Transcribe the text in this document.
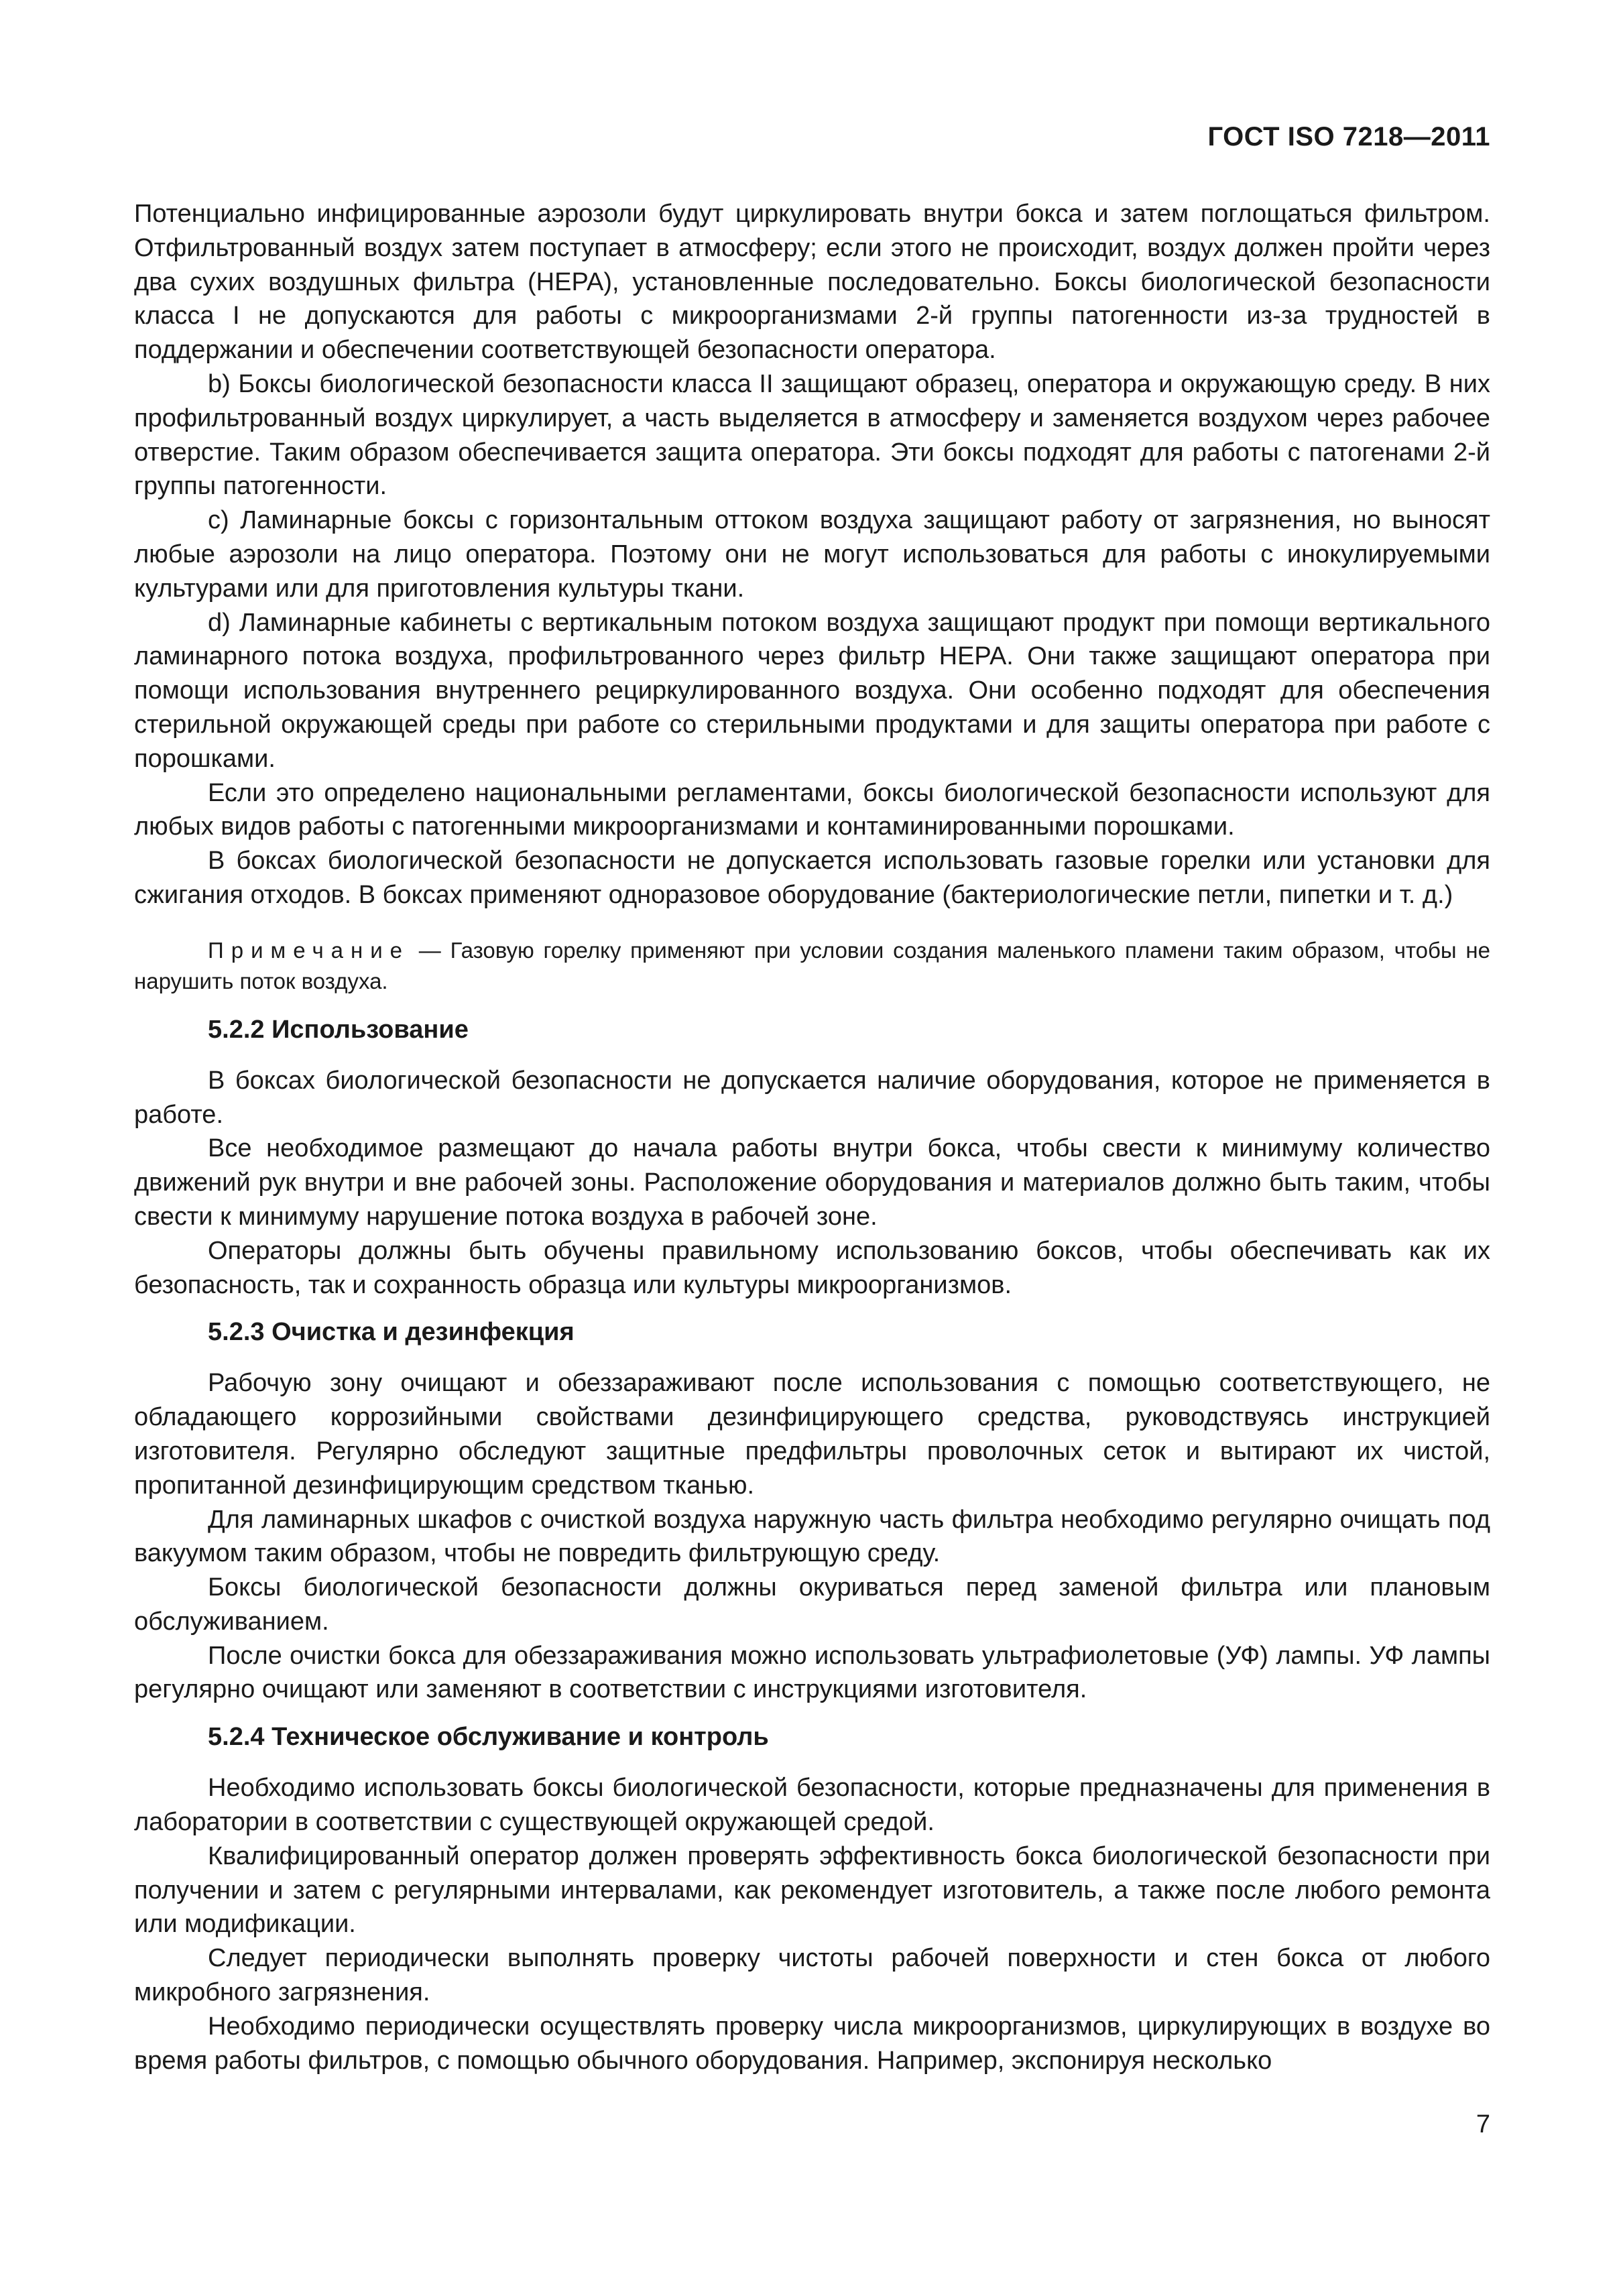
ГОСТ ISO 7218—2011

Потенциально инфицированные аэрозоли будут циркулировать внутри бокса и затем поглощаться фильтром. Отфильтрованный воздух затем поступает в атмосферу; если этого не происходит, воздух должен пройти через два сухих воздушных фильтра (HEPA), установленные последовательно. Боксы биологической безопасности класса I не допускаются для работы с микроорганизмами 2-й группы патогенности из-за трудностей в поддержании и обеспечении соответствующей безопасности оператора.

b) Боксы биологической безопасности класса II защищают образец, оператора и окружающую среду. В них профильтрованный воздух циркулирует, а часть выделяется в атмосферу и заменяется воздухом через рабочее отверстие. Таким образом обеспечивается защита оператора. Эти боксы подходят для работы с патогенами 2-й группы патогенности.

c) Ламинарные боксы с горизонтальным оттоком воздуха защищают работу от загрязнения, но выносят любые аэрозоли на лицо оператора. Поэтому они не могут использоваться для работы с инокулируемыми культурами или для приготовления культуры ткани.

d) Ламинарные кабинеты с вертикальным потоком воздуха защищают продукт при помощи вертикального ламинарного потока воздуха, профильтрованного через фильтр HEPA. Они также защищают оператора при помощи использования внутреннего рециркулированного воздуха. Они особенно подходят для обеспечения стерильной окружающей среды при работе со стерильными продуктами и для защиты оператора при работе с порошками.

Если это определено национальными регламентами, боксы биологической безопасности используют для любых видов работы с патогенными микроорганизмами и контаминированными порошками.

В боксах биологической безопасности не допускается использовать газовые горелки или установки для сжигания отходов. В боксах применяют одноразовое оборудование (бактериологические петли, пипетки и т. д.)

Примечание — Газовую горелку применяют при условии создания маленького пламени таким образом, чтобы не нарушить поток воздуха.

5.2.2 Использование

В боксах биологической безопасности не допускается наличие оборудования, которое не применяется в работе.

Все необходимое размещают до начала работы внутри бокса, чтобы свести к минимуму количество движений рук внутри и вне рабочей зоны. Расположение оборудования и материалов должно быть таким, чтобы свести к минимуму нарушение потока воздуха в рабочей зоне.

Операторы должны быть обучены правильному использованию боксов, чтобы обеспечивать как их безопасность, так и сохранность образца или культуры микроорганизмов.

5.2.3 Очистка и дезинфекция

Рабочую зону очищают и обеззараживают после использования с помощью соответствующего, не обладающего коррозийными свойствами дезинфицирующего средства, руководствуясь инструкцией изготовителя. Регулярно обследуют защитные предфильтры проволочных сеток и вытирают их чистой, пропитанной дезинфицирующим средством тканью.

Для ламинарных шкафов с очисткой воздуха наружную часть фильтра необходимо регулярно очищать под вакуумом таким образом, чтобы не повредить фильтрующую среду.

Боксы биологической безопасности должны окуриваться перед заменой фильтра или плановым обслуживанием.

После очистки бокса для обеззараживания можно использовать ультрафиолетовые (УФ) лампы. УФ лампы регулярно очищают или заменяют в соответствии с инструкциями изготовителя.

5.2.4 Техническое обслуживание и контроль

Необходимо использовать боксы биологической безопасности, которые предназначены для применения в лаборатории в соответствии с существующей окружающей средой.

Квалифицированный оператор должен проверять эффективность бокса биологической безопасности при получении и затем с регулярными интервалами, как рекомендует изготовитель, а также после любого ремонта или модификации.

Следует периодически выполнять проверку чистоты рабочей поверхности и стен бокса от любого микробного загрязнения.

Необходимо периодически осуществлять проверку числа микроорганизмов, циркулирующих в воздухе во время работы фильтров, с помощью обычного оборудования. Например, экспонируя несколько

7
